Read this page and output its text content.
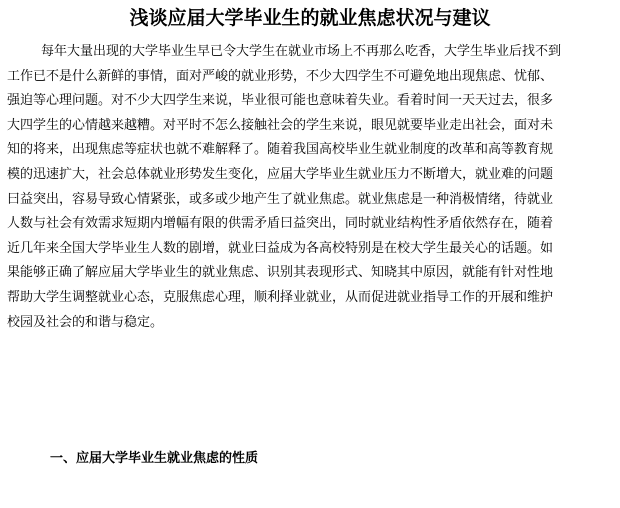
浅谈应届大学毕业生的就业焦虑状况与建议
每年大量出现的大学毕业生早已令大学生在就业市场上不再那么吃香，大学生毕业后找不到
工作已不是什么新鲜的事情，面对严峻的就业形势，不少大四学生不可避免地出现焦虑、忧郁、
强迫等心理问题。对不少大四学生来说，毕业很可能也意味着失业。看着时间一天天过去，很多
大四学生的心情越来越糟。对平时不怎么接触社会的学生来说，眼见就要毕业走出社会，面对未
知的将来，出现焦虑等症状也就不难解释了。随着我国高校毕业生就业制度的改革和高等教育规
模的迅速扩大，社会总体就业形势发生变化，应届大学毕业生就业压力不断增大，就业难的问题
曰益突出，容易导致心情紧张，或多或少地产生了就业焦虑。就业焦虑是一种消极情绪，待就业
人数与社会有效需求短期内增幅有限的供需矛盾曰益突出，同时就业结构性矛盾依然存在，随着
近几年来全国大学毕业生人数的剧增，就业曰益成为各高校特别是在校大学生最关心的话题。如
果能够正确了解应届大学毕业生的就业焦虑、识别其表现形式、知晓其中原因，就能有针对性地
帮助大学生调整就业心态，克服焦虑心理，顺利择业就业，从而促进就业指导工作的开展和维护
校园及社会的和谐与稳定。
一、应届大学毕业生就业焦虑的性质
